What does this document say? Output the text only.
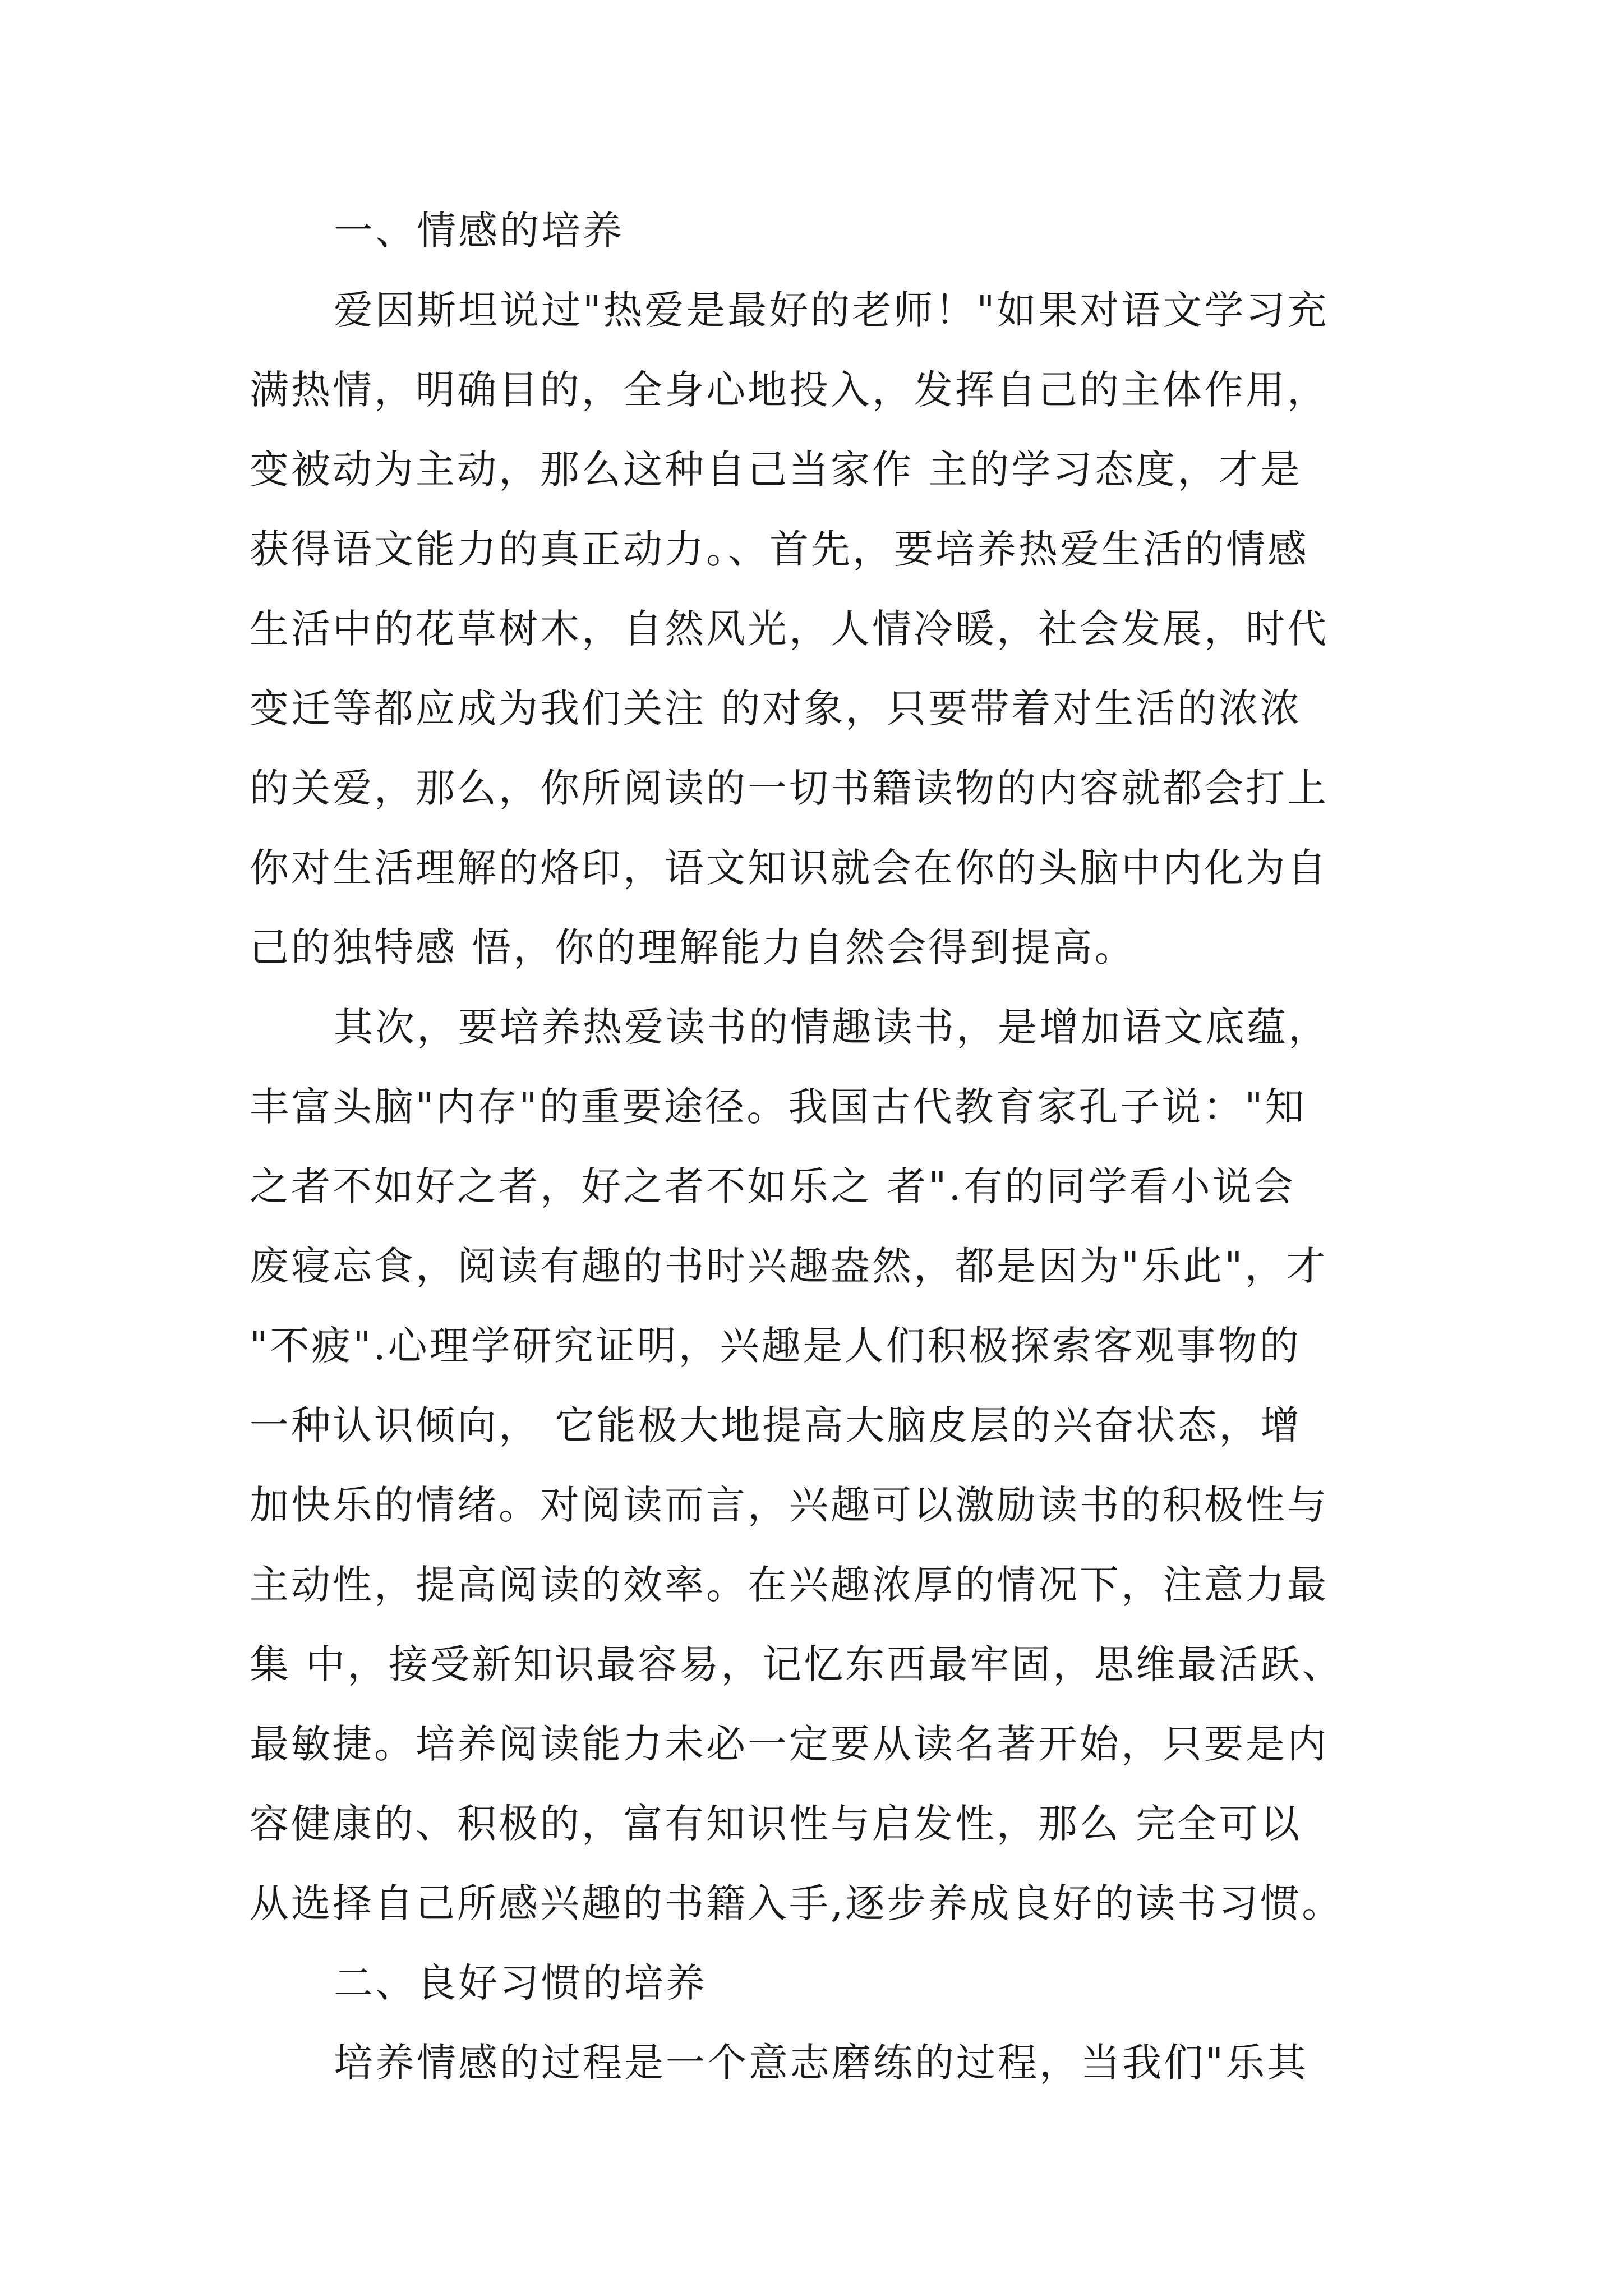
一、情感的培养
爱因斯坦说过"热爱是最好的老师！"如果对语文学习充
满热情，明确目的，全身心地投入，发挥自己的主体作用，
变被动为主动，那么这种自己当家作 主的学习态度，才是
获得语文能力的真正动力。、首先，要培养热爱生活的情感
生活中的花草树木，自然风光，人情冷暖，社会发展，时代
变迁等都应成为我们关注 的对象，只要带着对生活的浓浓
的关爱，那么，你所阅读的一切书籍读物的内容就都会打上
你对生活理解的烙印，语文知识就会在你的头脑中内化为自
己的独特感 悟，你的理解能力自然会得到提高。
其次，要培养热爱读书的情趣读书，是增加语文底蕴，
丰富头脑"内存"的重要途径。我国古代教育家孔子说："知
之者不如好之者，好之者不如乐之 者".有的同学看小说会
废寝忘食，阅读有趣的书时兴趣盎然，都是因为"乐此"，才
"不疲".心理学研究证明，兴趣是人们积极探索客观事物的
一种认识倾向， 它能极大地提高大脑皮层的兴奋状态，增
加快乐的情绪。对阅读而言，兴趣可以激励读书的积极性与
主动性，提高阅读的效率。在兴趣浓厚的情况下，注意力最
集 中，接受新知识最容易，记忆东西最牢固，思维最活跃、
最敏捷。培养阅读能力未必一定要从读名著开始，只要是内
容健康的、积极的，富有知识性与启发性，那么 完全可以
从选择自己所感兴趣的书籍入手,逐步养成良好的读书习惯。
二、良好习惯的培养
培养情感的过程是一个意志磨练的过程，当我们"乐其
